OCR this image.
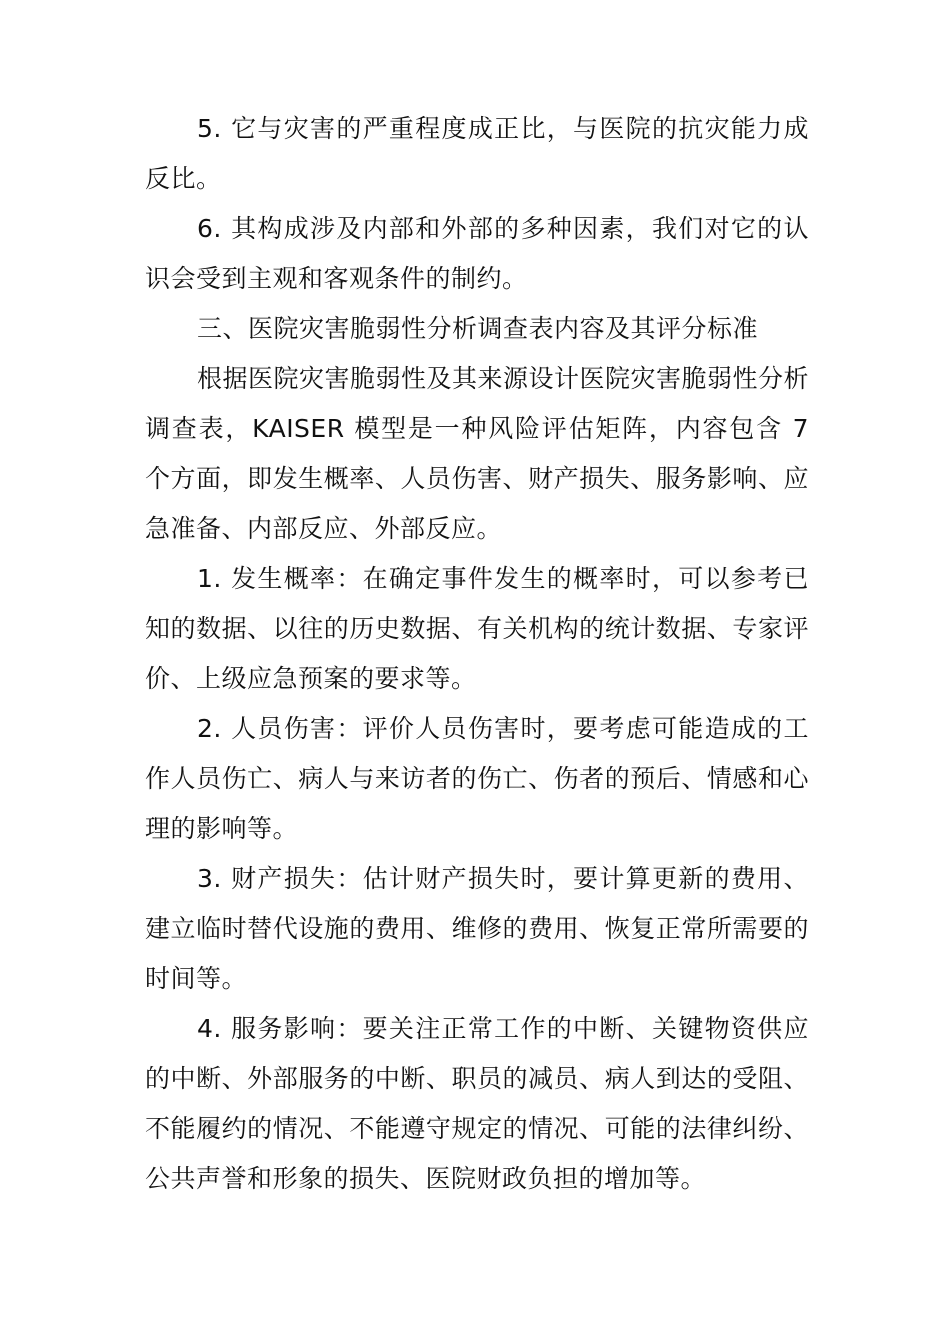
5. 它与灾害的严重程度成正比，与医院的抗灾能力成反比。

6. 其构成涉及内部和外部的多种因素，我们对它的认识会受到主观和客观条件的制约。

三、医院灾害脆弱性分析调查表内容及其评分标准

根据医院灾害脆弱性及其来源设计医院灾害脆弱性分析调查表，KAISER 模型是一种风险评估矩阵，内容包含 7 个方面，即发生概率、人员伤害、财产损失、服务影响、应急准备、内部反应、外部反应。

1. 发生概率：在确定事件发生的概率时，可以参考已知的数据、以往的历史数据、有关机构的统计数据、专家评价、上级应急预案的要求等。

2. 人员伤害：评价人员伤害时，要考虑可能造成的工作人员伤亡、病人与来访者的伤亡、伤者的预后、情感和心理的影响等。

3. 财产损失：估计财产损失时，要计算更新的费用、建立临时替代设施的费用、维修的费用、恢复正常所需要的时间等。

4. 服务影响：要关注正常工作的中断、关键物资供应的中断、外部服务的中断、职员的减员、病人到达的受阻、不能履约的情况、不能遵守规定的情况、可能的法律纠纷、公共声誉和形象的损失、医院财政负担的增加等。
